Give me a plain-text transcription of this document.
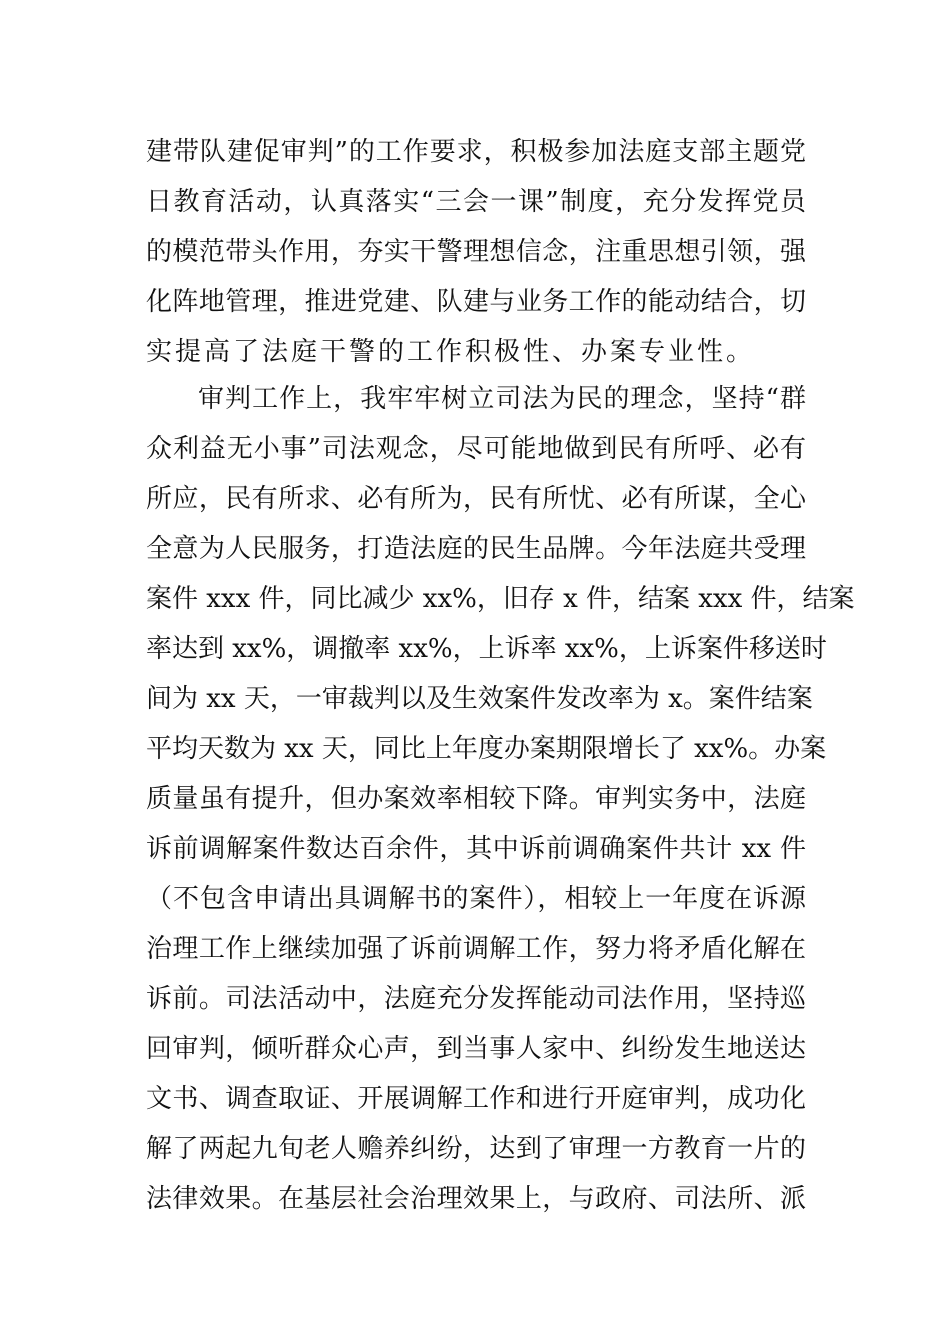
建带队建促审判”的工作要求，积极参加法庭支部主题党
日教育活动，认真落实“三会一课”制度，充分发挥党员
的模范带头作用，夯实干警理想信念，注重思想引领，强
化阵地管理，推进党建、队建与业务工作的能动结合，切
实提高了法庭干警的工作积极性、办案专业性。
审判工作上，我牢牢树立司法为民的理念，坚持“群
众利益无小事”司法观念，尽可能地做到民有所呼、必有
所应，民有所求、必有所为，民有所忧、必有所谋，全心
全意为人民服务，打造法庭的民生品牌。今年法庭共受理
案件 xxx 件，同比减少 xx%，旧存 x 件，结案 xxx 件，结案
率达到 xx%，调撤率 xx%，上诉率 xx%，上诉案件移送时
间为 xx 天，一审裁判以及生效案件发改率为 x。案件结案
平均天数为 xx 天，同比上年度办案期限增长了 xx%。办案
质量虽有提升，但办案效率相较下降。审判实务中，法庭
诉前调解案件数达百余件，其中诉前调确案件共计 xx 件
（不包含申请出具调解书的案件），相较上一年度在诉源
治理工作上继续加强了诉前调解工作，努力将矛盾化解在
诉前。司法活动中，法庭充分发挥能动司法作用，坚持巡
回审判，倾听群众心声，到当事人家中、纠纷发生地送达
文书、调查取证、开展调解工作和进行开庭审判，成功化
解了两起九旬老人赡养纠纷，达到了审理一方教育一片的
法律效果。在基层社会治理效果上，与政府、司法所、派
